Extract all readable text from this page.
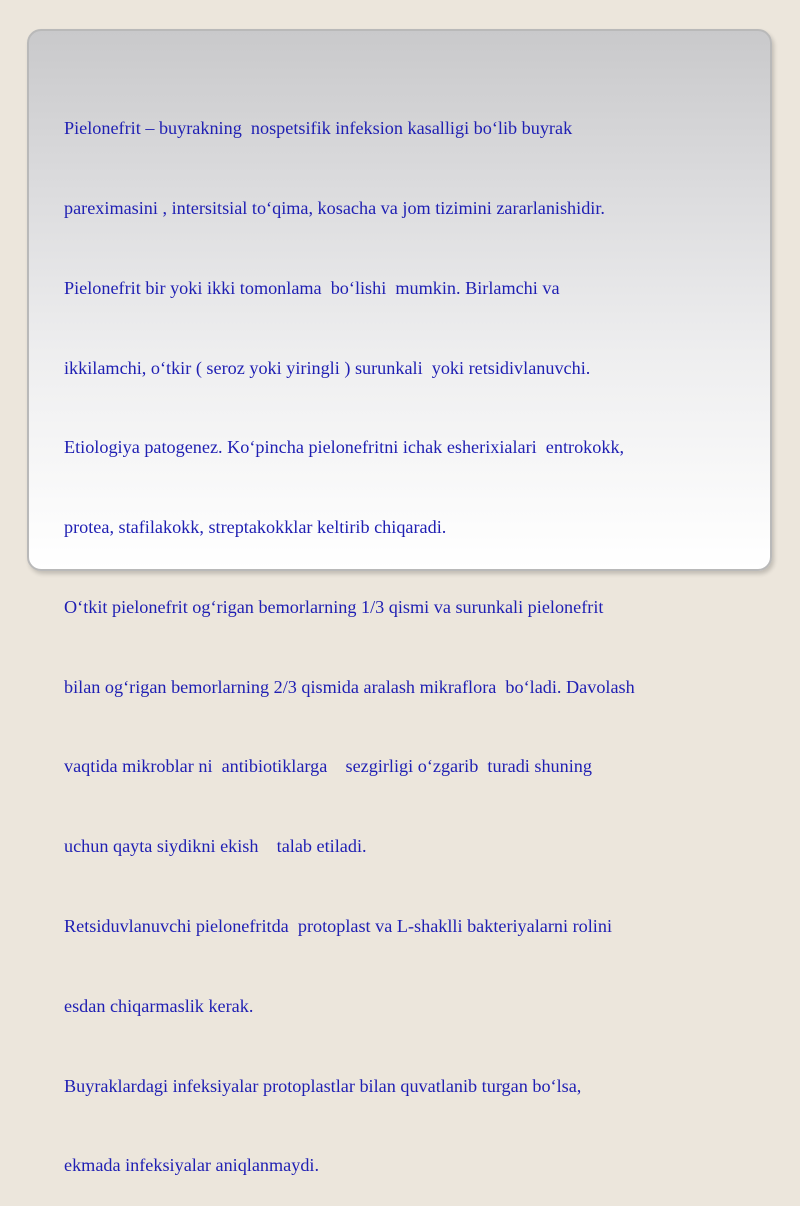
Pielonefrit – buyrakning  nospetsifik infeksion kasalligi bo‘lib buyrak

pareximasini , intersitsial to‘qima, kosacha va jom tizimini zararlanishidir.

Pielonefrit bir yoki ikki tomonlama  bo‘lishi  mumkin. Birlamchi va

ikkilamchi, o‘tkir ( seroz yoki yiringli ) surunkali  yoki retsidivlanuvchi.

Etiologiya patogenez. Ko‘pincha pielonefritni ichak esherixialari  entrokokk,

protea, stafilakokk, streptakokklar keltirib chiqaradi.

O‘tkit pielonefrit og‘rigan bemorlarning 1/3 qismi va surunkali pielonefrit

bilan og‘rigan bemorlarning 2/3 qismida aralash mikraflora  bo‘ladi. Davolash

vaqtida mikroblar ni  antibiotiklarga    sezgirligi o‘zgarib  turadi shuning

uchun qayta siydikni ekish    talab etiladi.

Retsiduvlanuvchi pielonefritda  protoplast va L-shaklli bakteriyalarni rolini

esdan chiqarmaslik kerak.

Buyraklardagi infeksiyalar protoplastlar bilan quvatlanib turgan bo‘lsa,

ekmada infeksiyalar aniqlanmaydi.
